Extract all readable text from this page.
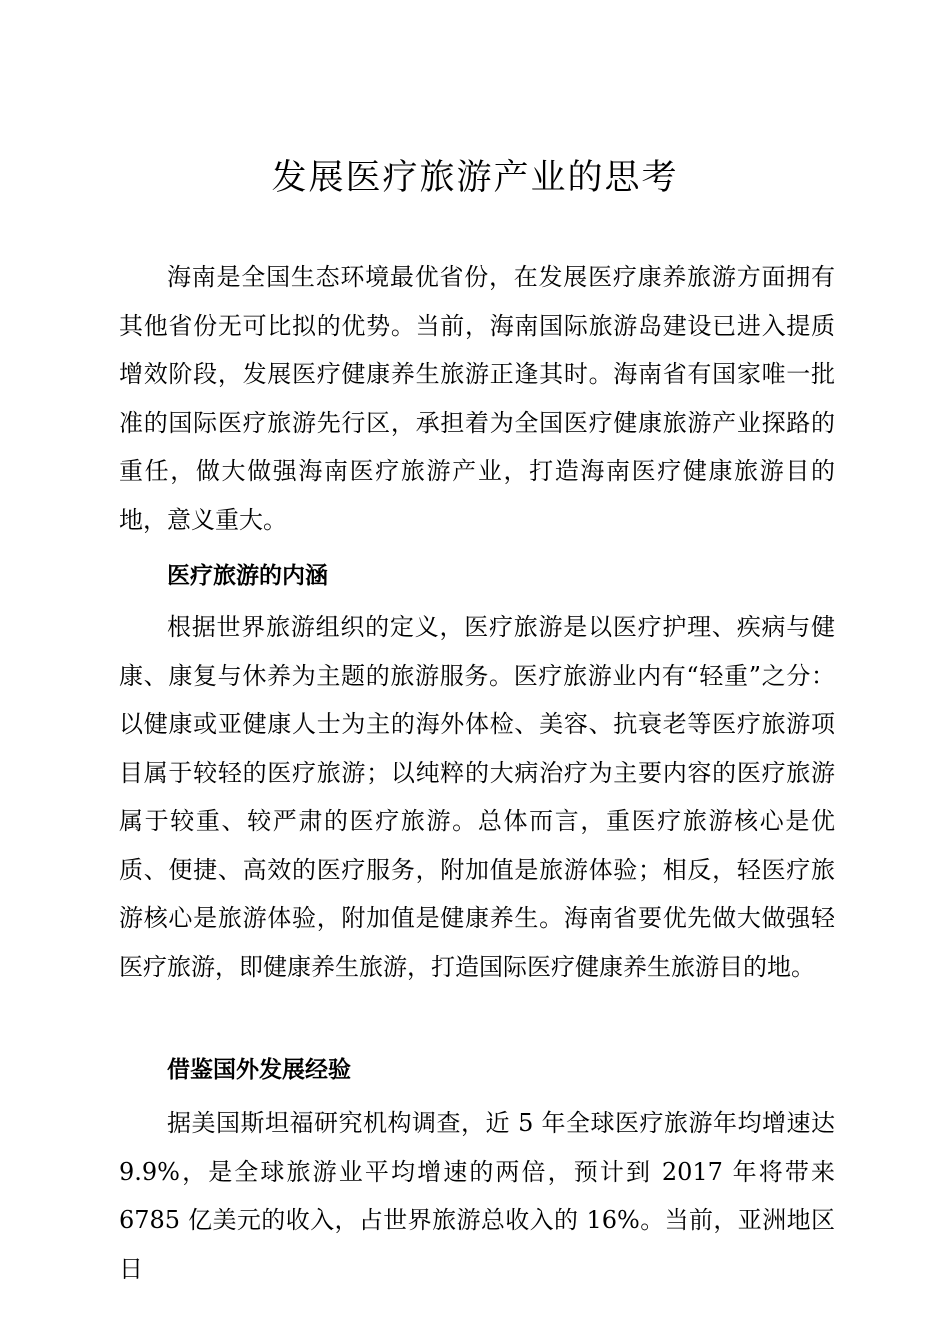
发展医疗旅游产业的思考

海南是全国生态环境最优省份，在发展医疗康养旅游方面拥有其他省份无可比拟的优势。当前，海南国际旅游岛建设已进入提质增效阶段，发展医疗健康养生旅游正逢其时。海南省有国家唯一批准的国际医疗旅游先行区，承担着为全国医疗健康旅游产业探路的重任，做大做强海南医疗旅游产业，打造海南医疗健康旅游目的地，意义重大。

医疗旅游的内涵

根据世界旅游组织的定义，医疗旅游是以医疗护理、疾病与健康、康复与休养为主题的旅游服务。医疗旅游业内有“轻重”之分：以健康或亚健康人士为主的海外体检、美容、抗衰老等医疗旅游项目属于较轻的医疗旅游；以纯粹的大病治疗为主要内容的医疗旅游属于较重、较严肃的医疗旅游。总体而言，重医疗旅游核心是优质、便捷、高效的医疗服务，附加值是旅游体验；相反，轻医疗旅游核心是旅游体验，附加值是健康养生。海南省要优先做大做强轻医疗旅游，即健康养生旅游，打造国际医疗健康养生旅游目的地。

借鉴国外发展经验

据美国斯坦福研究机构调查，近 5 年全球医疗旅游年均增速达 9.9%，是全球旅游业平均增速的两倍，预计到 2017 年将带来 6785 亿美元的收入，占世界旅游总收入的 16%。当前，亚洲地区日
